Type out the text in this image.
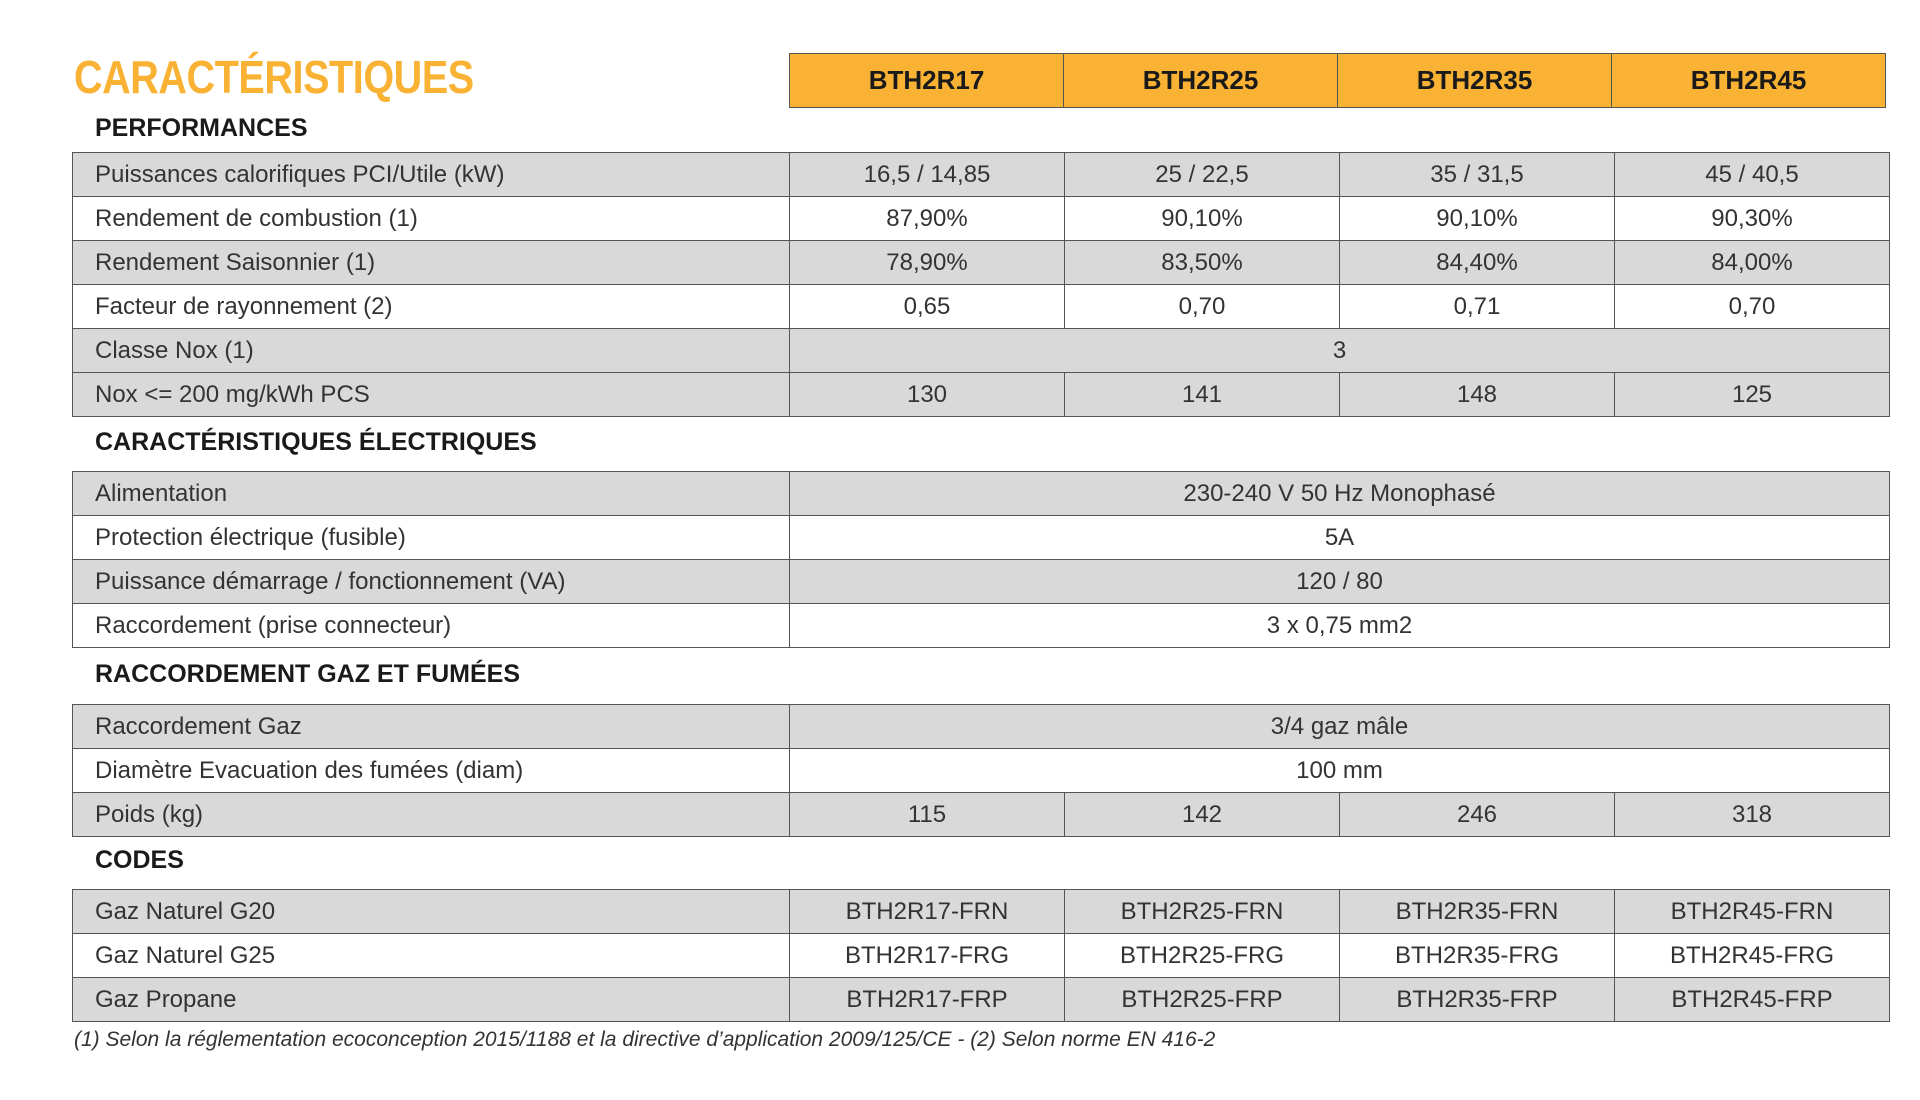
CARACTÉRISTIQUES	BTH2R17	BTH2R25	BTH2R35	BTH2R45
PERFORMANCES
Puissances calorifiques PCI/Utile (kW)	16,5 / 14,85	25 / 22,5	35 / 31,5	45 / 40,5
Rendement de combustion (1)	87,90%	90,10%	90,10%	90,30%
Rendement Saisonnier (1)	78,90%	83,50%	84,40%	84,00%
Facteur de rayonnement (2)	0,65	0,70	0,71	0,70
Classe Nox (1)	3			
Nox <= 200 mg/kWh PCS	130	141	148	125
CARACTÉRISTIQUES ÉLECTRIQUES
Alimentation	230-240 V 50 Hz Monophasé
Protection électrique (fusible)	5A
Puissance démarrage / fonctionnement (VA)	120 / 80
Raccordement (prise connecteur)	3 x 0,75 mm2
RACCORDEMENT GAZ ET FUMÉES
Raccordement Gaz	3/4 gaz mâle			
Diamètre Evacuation des fumées (diam)	100 mm			
Poids (kg)	115	142	246	318
CODES
Gaz Naturel G20	BTH2R17-FRN	BTH2R25-FRN	BTH2R35-FRN	BTH2R45-FRN
Gaz Naturel G25	BTH2R17-FRG	BTH2R25-FRG	BTH2R35-FRG	BTH2R45-FRG
Gaz Propane	BTH2R17-FRP	BTH2R25-FRP	BTH2R35-FRP	BTH2R45-FRP
(1) Selon la réglementation ecoconception 2015/1188 et la directive d’application 2009/125/CE - (2) Selon norme EN 416-2
